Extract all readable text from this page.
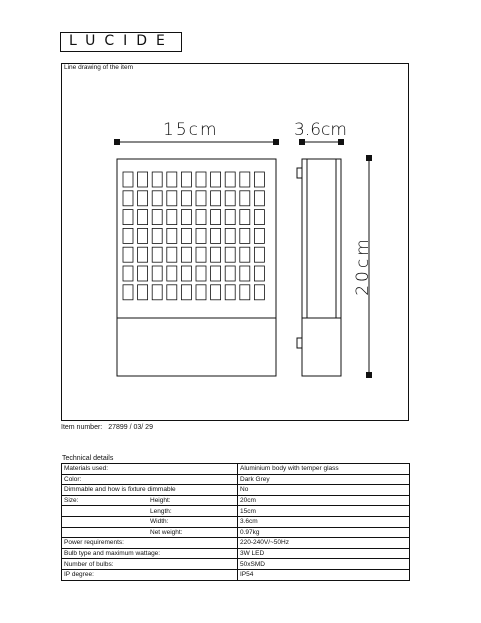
LUCIDE
Line drawing of the item
15cm	3.6cm
20cm
Item number: 27899 / 03/ 29
Technical details
Materials used:	Aluminium body with temper glass
Color:	Dark Grey
Dimmable and how is fixture dimmable	No
Size: Height:	20cm
Length:	15cm
Width:	3.6cm
Net weight:	0.97kg
Power requirements:	220-240V/~50Hz
Bulb type and maximum wattage:	3W LED
Number of bulbs:	50xSMD
IP degree:	IP54
